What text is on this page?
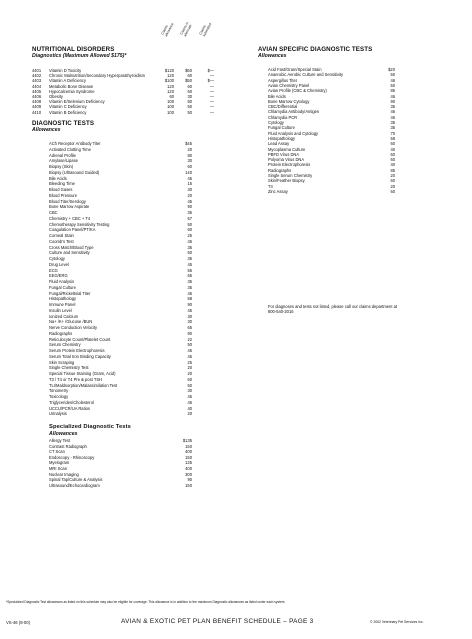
Claims
allowance Claims in
alternate	Claims
submitted
NUTRITIONAL DISORDERS
Diagnostics (Maximum Allowed $175)*
4401 Vitamin D Toxicity	$120	$60	$—
4402 Chronic Malnutrition/Secondary Hyperparathyroidism	120	60	—
4403 Vitamin A Deficiency	$100	$50	$—
4404 Metabolic Bone Disease	120	60	—
4405 Hypocalcemia Syndrome	120	60	—
4406 Obesity	60	30	—
4408 Vitamin E/Selenium Deficiency	100	50	—
4409 Vitamin C Deficiency	100	50	—
4410 Vitamin B Deficiency	100	50	—
DIAGNOSTIC TESTS
Allowances
ACh Receptor Antibody Titer	$45
Activated Clotting Time	20
Adrenal Profile	80
Amylase/Lipase	30
Biopsy (Skin)	60
Biopsy (Ultrasound Guided)	140
Bile Acids	46
Bleeding Time	15
Blood Gases	30
Blood Pressure	20
Blood Titer/Serology	45
Bone Marrow Aspirate	90
CBC	35
Chemistry + CBC + T4	67
Chemotherapy Sensitivity Testing	50
Coagulation Panel/PT/KA	60
Corneal Stain	25
Coomb's Test	45
Cross Match/Blood Type	35
Culture and Sensitivity	50
Cytology	35
Drug Level	45
ECG	55
EEG/ERG	65
Fluid Analysis	35
Fungal Culture	35
Fungal/Rickettsial Titer	45
Histopathology	58
Immune Panel	90
Insulin Level	45
Ionized Calcium	30
Na+ /K+ /Glucose /BUN	30
Nerve Conduction Velocity	65
Radiographs	90
Reticulocyte Count/Platelet Count	22
Serum Chemistry	50
Serum Protein Electrophoresis	45
Serum Total Iron Binding Capacity	45
Skin Scraping	25
Single Chemistry Test	20
Special Tissue Staining (Gram, Acid)	20
T3 / T4 or T4 Pre & post TSH	60
TLI/Maldsorption/Malassimilation Test	50
Tonometry	30
Toxicology	45
Triglycerides/Cholesterol	45
UCCU/PCR/UA Ratios	40
Urinalysis	20
Specialized Diagnostic Tests
Allowances
Allergy Test	$135
Contrast Radiograph	150
CT Scan	400
Endoscopy - Rhinoscopy	150
Myelogram	135
MRI Scan	400
Nuclear Imaging	300
Spinal Tap/Culture & Analysis	90
Ultrasound/Echocardiogram	150
AVIAN SPECIFIC DIAGNOSTIC TESTS
Allowances
Acid Fast/Gram/Special Stain	$20
Anaerobic Aerobic Culture and Sensitivity	50
Aspergillus Titer	46
Avian Chemistry Panel	50
Avian Profile (CBC & Chemistry)	85
Bile Acids	46
Bone Marrow Cytology	90
CBC/Differential	35
Chlamydia Antibody/Antigen	46
Chlamydia PCR	46
Cytology	35
Fungal Culture	35
Fluid Analysis and Cytology	70
Histopathology	58
Lead Assay	60
Mycoplasma Culture	40
PBFD Virus DNA	60
Polyoma Virus DNA	60
Protein Electrophoresis	40
Radiographs	85
Single Serum Chemistry	20
Skin/Feather Biopsy	60
T4	20
Zinc Assay	60
For diagnoses and tests not listed, please call our claims department at 800-540-2016
*Specialized Diagnostic Test allowances as listed on this schedule may also be eligible for coverage. This allowance is in addition to the maximum Diagnostic allowances as listed under each system.
VS-46 (8-00)	AVIAN & EXOTIC PET PLAN BENEFIT SCHEDULE – PAGE 3	© 2002 Veterinary Pet Services Inc.
